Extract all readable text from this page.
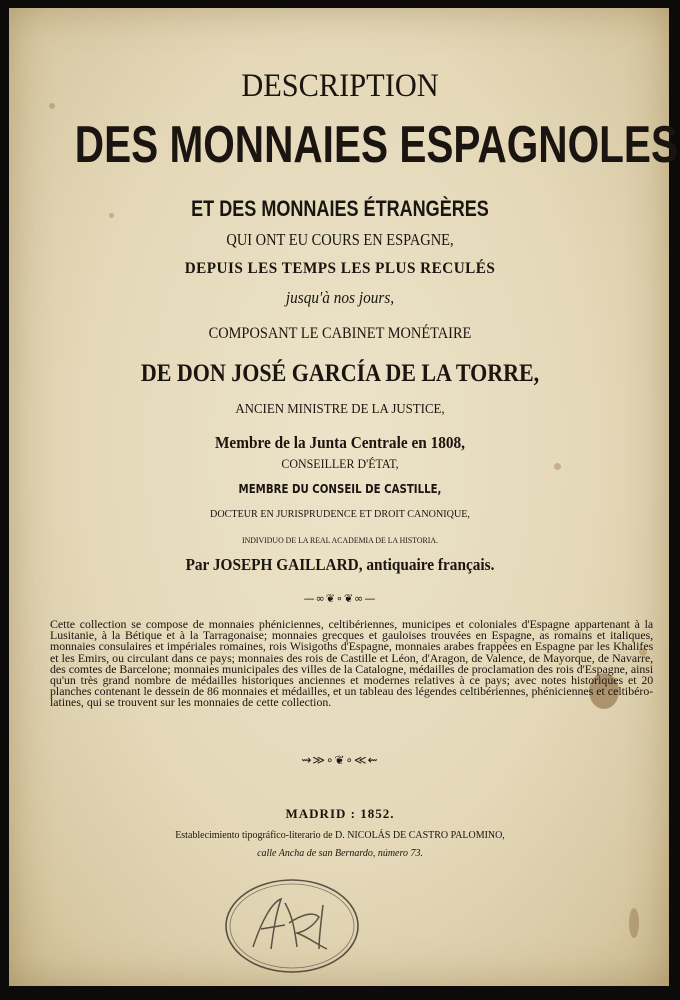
DESCRIPTION
DES MONNAIES ESPAGNOLES
ET DES MONNAIES ÉTRANGÈRES
QUI ONT EU COURS EN ESPAGNE,
DEPUIS LES TEMPS LES PLUS RECULÉS
jusqu'à nos jours,
COMPOSANT LE CABINET MONÉTAIRE
DE DON JOSÉ GARCÍA DE LA TORRE,
ANCIEN MINISTRE DE LA JUSTICE,
Membre de la Junta Centrale en 1808,
CONSEILLER D'ÉTAT,
MEMBRE DU CONSEIL DE CASTILLE,
DOCTEUR EN JURISPRUDENCE ET DROIT CANONIQUE,
INDIVIDUO DE LA REAL ACADEMIA DE LA HISTORIA.
Par JOSEPH GAILLARD, antiquaire français.
—∞❦∘❦∞—
Cette collection se compose de monnaies phéniciennes, celtibériennes, municipes et coloniales d'Espagne appartenant à la Lusitanie, à la Bétique et à la Tarragonaise; monnaies grecques et gauloises trouvées en Espagne, as romains et italiques, monnaies consulaires et impériales romaines, rois Wisigoths d'Espagne, monnaies arabes frappées en Espagne par les Khalifes et les Emirs, ou circulant dans ce pays; monnaies des rois de Castille et Léon, d'Aragon, de Valence, de Mayorque, de Navarre, des comtes de Barcelone; monnaies municipales des villes de la Catalogne, médailles de proclamation des rois d'Espagne, ainsi qu'un très grand nombre de médailles historiques anciennes et modernes relatives à ce pays; avec notes historiques et 20 planches contenant le dessein de 86 monnaies et médailles, et un tableau des légendes celtibériennes, phéniciennes et celtibéro-latines, qui se trouvent sur les monnaies de cette collection.
⇝≫∘❦∘≪⇜
MADRID : 1852.
Establecimiento tipográfico-literario de D. NICOLÁS DE CASTRO PALOMINO,
calle Ancha de san Bernardo, número 73.
